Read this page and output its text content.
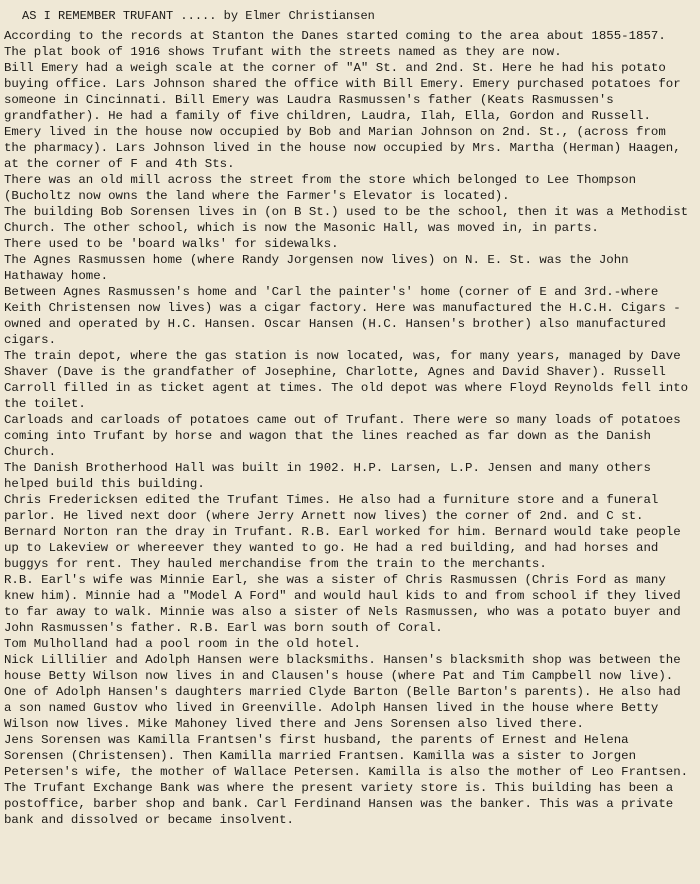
AS I REMEMBER TRUFANT ..... by Elmer Christiansen

According to the records at Stanton the Danes started coming to the area about 1855-1857. The plat book of 1916 shows Trufant with the streets named as they are now.

Bill Emery had a weigh scale at the corner of "A" St. and 2nd. St. Here he had his potato buying office. Lars Johnson shared the office with Bill Emery. Emery purchased potatoes for someone in Cincinnati. Bill Emery was Laudra Rasmussen's father (Keats Rasmussen's grandfather). He had a family of five children, Laudra, Ilah, Ella, Gordon and Russell. Emery lived in the house now occupied by Bob and Marian Johnson on 2nd. St., (across from the pharmacy). Lars Johnson lived in the house now occupied by Mrs. Martha (Herman) Haagen, at the corner of F and 4th Sts.

There was an old mill across the street from the store which belonged to Lee Thompson (Bucholtz now owns the land where the Farmer's Elevator is located).

The building Bob Sorensen lives in (on B St.) used to be the school, then it was a Methodist Church. The other school, which is now the Masonic Hall, was moved in, in parts.

There used to be 'board walks' for sidewalks.

The Agnes Rasmussen home (where Randy Jorgensen now lives) on N. E. St. was the John Hathaway home.

Between Agnes Rasmussen's home and 'Carl the painter's' home (corner of E and 3rd.-where Keith Christensen now lives) was a cigar factory. Here was manufactured the H.C.H. Cigars - owned and operated by H.C. Hansen. Oscar Hansen (H.C. Hansen's brother) also manufactured cigars.

The train depot, where the gas station is now located, was, for many years, managed by Dave Shaver (Dave is the grandfather of Josephine, Charlotte, Agnes and David Shaver). Russell Carroll filled in as ticket agent at times. The old depot was where Floyd Reynolds fell into the toilet.

Carloads and carloads of potatoes came out of Trufant. There were so many loads of potatoes coming into Trufant by horse and wagon that the lines reached as far down as the Danish Church.

The Danish Brotherhood Hall was built in 1902. H.P. Larsen, L.P. Jensen and many others helped build this building.

Chris Fredericksen edited the Trufant Times. He also had a furniture store and a funeral parlor. He lived next door (where Jerry Arnett now lives) the corner of 2nd. and C st.

Bernard Norton ran the dray in Trufant. R.B. Earl worked for him. Bernard would take people up to Lakeview or whereever they wanted to go. He had a red building, and had horses and buggys for rent. They hauled merchandise from the train to the merchants.

R.B. Earl's wife was Minnie Earl, she was a sister of Chris Rasmussen (Chris Ford as many knew him). Minnie had a "Model A Ford" and would haul kids to and from school if they lived to far away to walk. Minnie was also a sister of Nels Rasmussen, who was a potato buyer and John Rasmussen's father. R.B. Earl was born south of Coral.

Tom Mulholland had a pool room in the old hotel.

Nick Lillilier and Adolph Hansen were blacksmiths. Hansen's blacksmith shop was between the house Betty Wilson now lives in and Clausen's house (where Pat and Tim Campbell now live). One of Adolph Hansen's daughters married Clyde Barton (Belle Barton's parents). He also had a son named Gustov who lived in Greenville. Adolph Hansen lived in the house where Betty Wilson now lives. Mike Mahoney lived there and Jens Sorensen also lived there.

Jens Sorensen was Kamilla Frantsen's first husband, the parents of Ernest and Helena Sorensen (Christensen). Then Kamilla married Frantsen. Kamilla was a sister to Jorgen Petersen's wife, the mother of Wallace Petersen. Kamilla is also the mother of Leo Frantsen.

The Trufant Exchange Bank was where the present variety store is. This building has been a postoffice, barber shop and bank. Carl Ferdinand Hansen was the banker. This was a private bank and dissolved or became insolvent.
